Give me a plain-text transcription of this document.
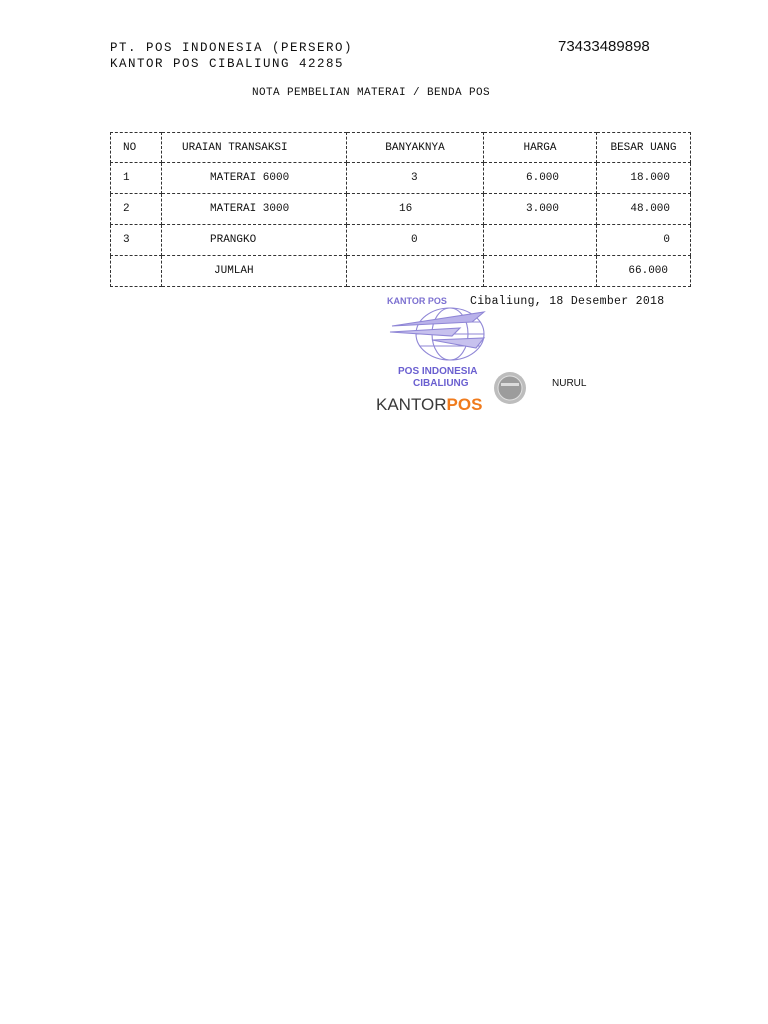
PT. POS INDONESIA (PERSERO)
KANTOR POS CIBALIUNG 42285
73433489898
NOTA PEMBELIAN MATERAI / BENDA POS
NO	URAIAN TRANSAKSI	BANYAKNYA	HARGA	BESAR UANG
1	MATERAI 6000	3	6.000	18.000
2	MATERAI 3000	16	3.000	48.000
3	PRANGKO	0		0
	JUMLAH			66.000
KANTOR POS
POS INDONESIA
CIBALIUNG
KANTORPOS
Cibaliung, 18 Desember 2018
NURUL
